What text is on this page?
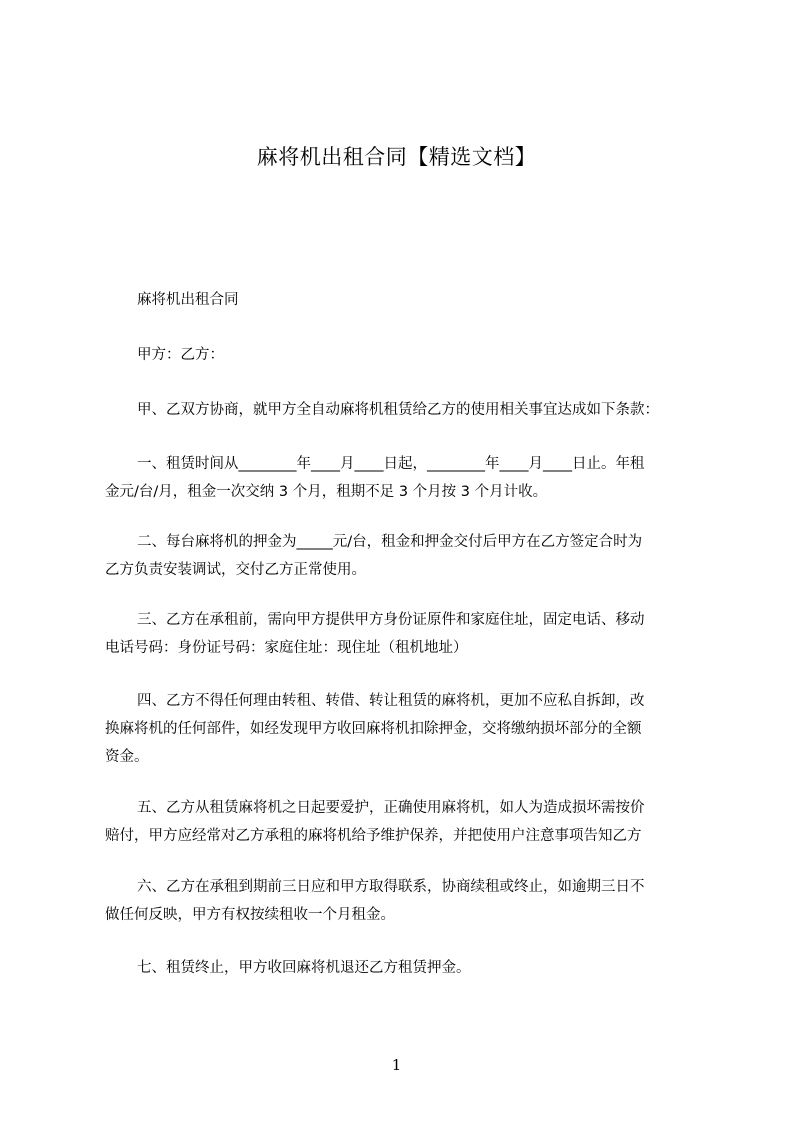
麻将机出租合同【精选文档】

麻将机出租合同

甲方：乙方：

甲、乙双方协商，就甲方全自动麻将机租赁给乙方的使用相关事宜达成如下条款：

一、租赁时间从________年____月____日起，________年____月____日止。年租
金元/台/月，租金一次交纳 3 个月，租期不足 3 个月按 3 个月计收。

二、每台麻将机的押金为_____元/台，租金和押金交付后甲方在乙方签定合时为
乙方负责安装调试，交付乙方正常使用。

三、乙方在承租前，需向甲方提供甲方身份证原件和家庭住址，固定电话、移动
电话号码：身份证号码：家庭住址：现住址（租机地址）

四、乙方不得任何理由转租、转借、转让租赁的麻将机，更加不应私自拆卸，改
换麻将机的任何部件，如经发现甲方收回麻将机扣除押金，交将缴纳损坏部分的全额
资金。

五、乙方从租赁麻将机之日起要爱护，正确使用麻将机，如人为造成损坏需按价
赔付，甲方应经常对乙方承租的麻将机给予维护保养，并把使用户注意事项告知乙方

六、乙方在承租到期前三日应和甲方取得联系，协商续租或终止，如逾期三日不
做任何反映，甲方有权按续租收一个月租金。

七、租赁终止，甲方收回麻将机退还乙方租赁押金。

1
